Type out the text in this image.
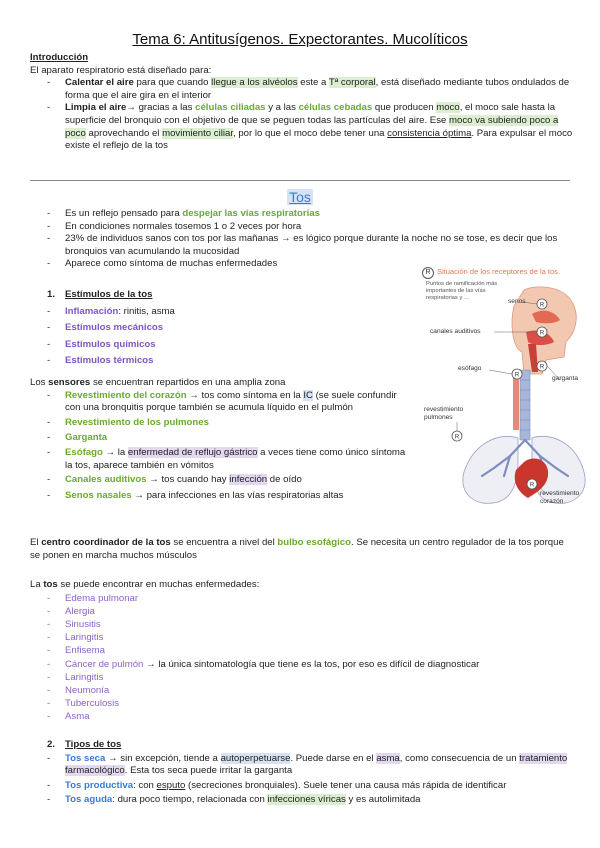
Tema 6: Antitusígenos. Expectorantes. Mucolíticos
Introducción
El aparato respiratorio está diseñado para:
- Calentar el aire para que cuando llegue a los alvéolos este a Tª corporal, está diseñado mediante tubos ondulados de forma que el aire gira en el interior
- Limpia el aire→ gracias a las células ciliadas y a las células cebadas que producen moco, el moco sale hasta la superficie del bronquio con el objetivo de que se peguen todas las partículas del aire. Ese moco va subiendo poco a poco aprovechando el movimiento ciliar, por lo que el moco debe tener una consistencia óptima. Para expulsar el moco existe el reflejo de la tos
Tos
- Es un reflejo pensado para despejar las vías respiratorias
- En condiciones normales tosemos 1 o 2 veces por hora
- 23% de individuos sanos con tos por las mañanas → es lógico porque durante la noche no se tose, es decir que los bronquios van acumulando la mucosidad
- Aparece como síntoma de muchas enfermedades
1. Estímulos de la tos
- Inflamación: rinitis, asma
- Estímulos mecánicos
- Estímulos químicos
- Estímulos térmicos
Los sensores se encuentran repartidos en una amplia zona
- Revestimiento del corazón → tos como síntoma en la IC (se suele confundir con una bronquitis porque también se acumula líquido en el pulmón
- Revestimiento de los pulmones
- Garganta
- Esófago → la enfermedad de reflujo gástrico a veces tiene como único síntoma la tos, aparece también en vómitos
- Canales auditivos → tos cuando hay infección de oído
- Senos nasales → para infecciones en las vías respiratorias altas
El centro coordinador de la tos se encuentra a nivel del bulbo esofágico. Se necesita un centro regulador de la tos porque se ponen en marcha muchos músculos
La tos se puede encontrar en muchas enfermedades:
- Edema pulmonar
- Alergia
- Sinusitis
- Laringitis
- Enfisema
- Cáncer de pulmón → la única sintomatología que tiene es la tos, por eso es difícil de diagnosticar
- Laringitis
- Neumonía
- Tuberculosis
- Asma
2. Tipos de tos
- Tos seca → sin excepción, tiende a autoperpetuarse. Puede darse en el asma, como consecuencia de un tratamiento farmacológico. Esta tos seca puede irritar la garganta
- Tos productiva: con esputo (secreciones bronquiales). Suele tener una causa más rápida de identificar
- Tos aguda: dura poco tiempo, relacionada con infecciones víricas y es autolimitada
R Situación de los receptores de la tos.
Puntos de ramificación más importantes de las vías respiratorias y ...
R
R
R
R
R
R
senos
canales auditivos
esófago
garganta
revestimiento pulmones
revestimiento corazón
